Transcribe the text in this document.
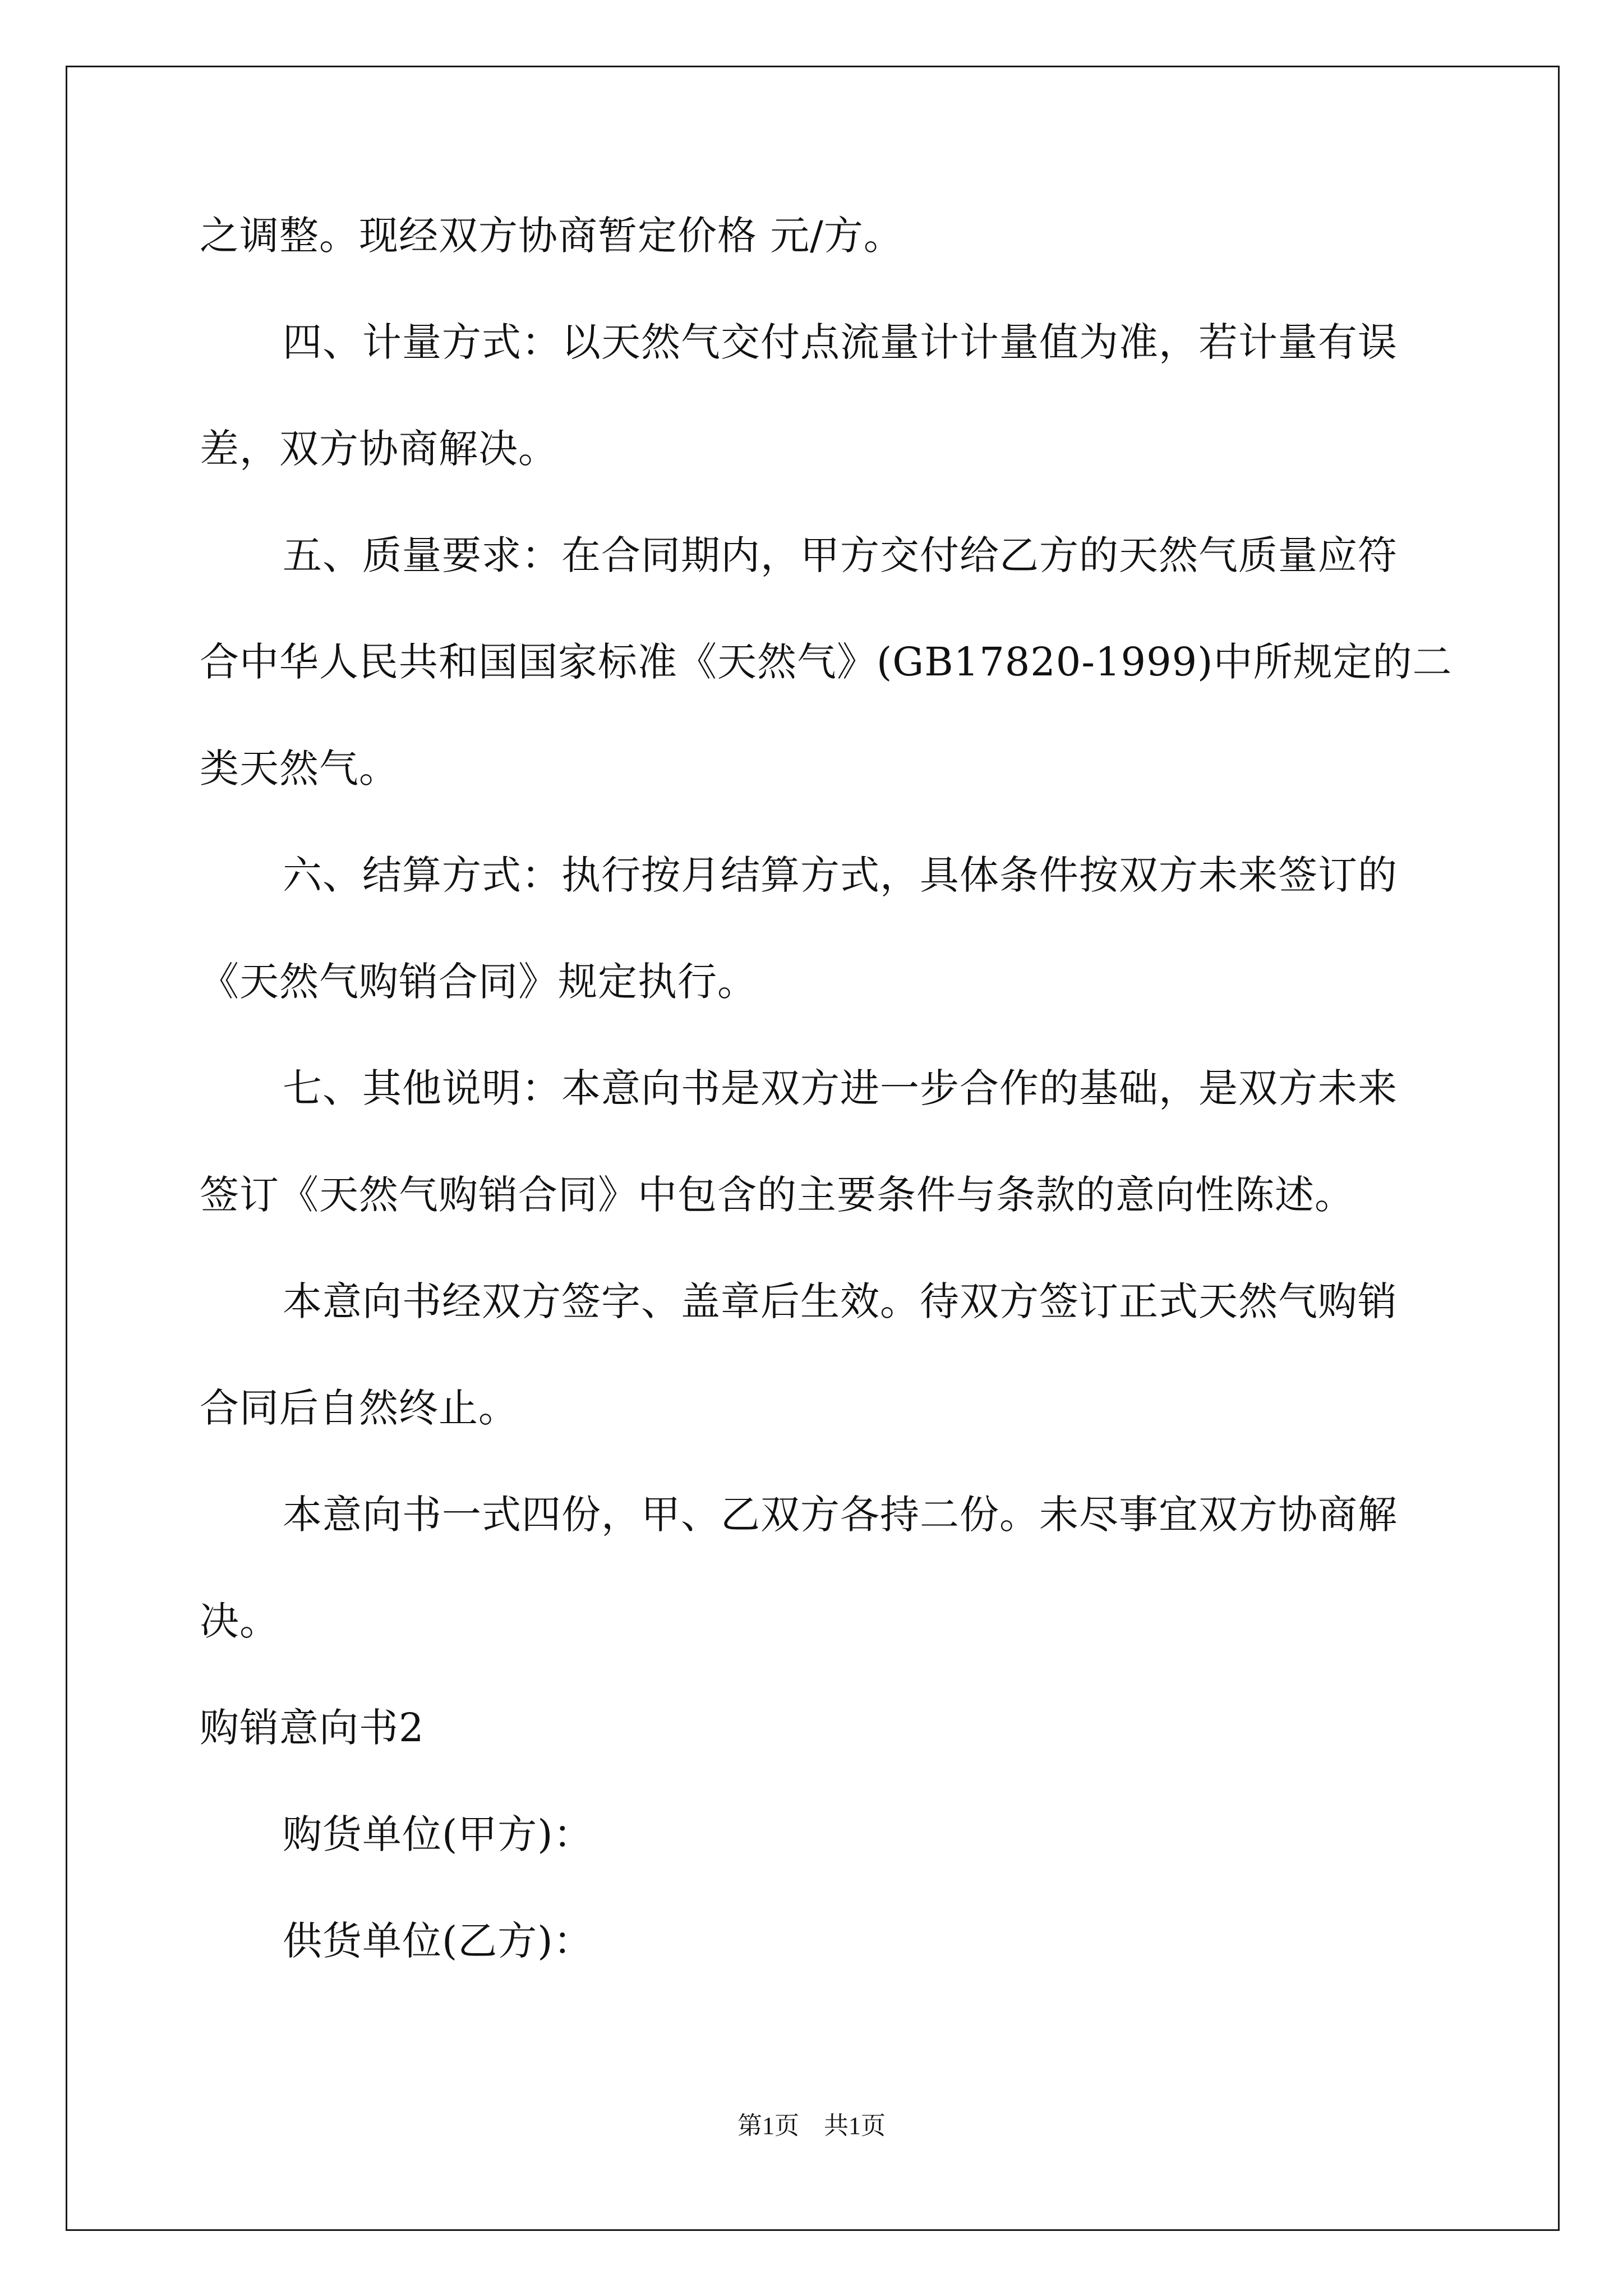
之调整。现经双方协商暂定价格 元/方。
四、计量方式：以天然气交付点流量计计量值为准，若计量有误
差，双方协商解决。
五、质量要求：在合同期内，甲方交付给乙方的天然气质量应符
合中华人民共和国国家标准《天然气》(GB17820-1999)中所规定的二
类天然气。
六、结算方式：执行按月结算方式，具体条件按双方未来签订的
《天然气购销合同》规定执行。
七、其他说明：本意向书是双方进一步合作的基础，是双方未来
签订《天然气购销合同》中包含的主要条件与条款的意向性陈述。
本意向书经双方签字、盖章后生效。待双方签订正式天然气购销
合同后自然终止。
本意向书一式四份，甲、乙双方各持二份。未尽事宜双方协商解
决。
购销意向书2
购货单位(甲方)：
供货单位(乙方)：
第1页　共1页
